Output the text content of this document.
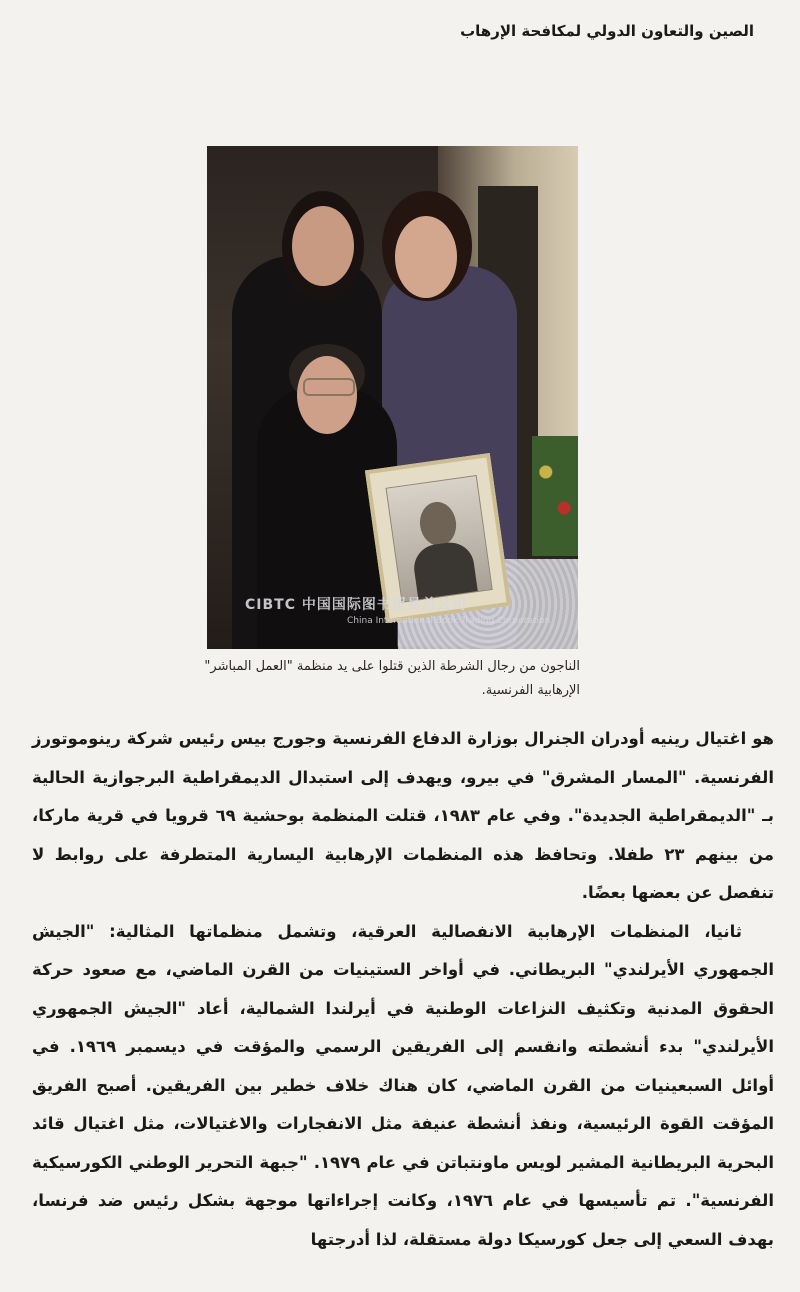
الصين والتعاون الدولي لمكافحة الإرهاب
CIBTC 中国国际图书贸易总公司
China International Book Trading Corporation
الناجون من رجال الشرطة الذين قتلوا على يد منظمة "العمل المباشر" الإرهابية الفرنسية.

هو اغتيال رينيه أودران الجنرال بوزارة الدفاع الفرنسية وجورج بيس رئيس شركة رينوموتورز الفرنسية. "المسار المشرق" في بيرو، ويهدف إلى استبدال الديمقراطية البرجوازية الحالية بـ "الديمقراطية الجديدة". وفي عام ١٩٨٣، قتلت المنظمة بوحشية ٦٩ قرويا في قرية ماركا، من بينهم ٢٣ طفلا. وتحافظ هذه المنظمات الإرهابية اليسارية المتطرفة على روابط لا تنفصل عن بعضها بعضًا.

ثانيا، المنظمات الإرهابية الانفصالية العرقية، وتشمل منظماتها المثالية: "الجيش الجمهوري الأيرلندي" البريطاني. في أواخر الستينيات من القرن الماضي، مع صعود حركة الحقوق المدنية وتكثيف النزاعات الوطنية في أيرلندا الشمالية، أعاد "الجيش الجمهوري الأيرلندي" بدء أنشطته وانقسم إلى الفريقين الرسمي والمؤقت في ديسمبر ١٩٦٩. في أوائل السبعينيات من القرن الماضي، كان هناك خلاف خطير بين الفريقين. أصبح الفريق المؤقت القوة الرئيسية، ونفذ أنشطة عنيفة مثل الانفجارات والاغتيالات، مثل اغتيال قائد البحرية البريطانية المشير لويس ماونتباتن في عام ١٩٧٩. "جبهة التحرير الوطني الكورسيكية الفرنسية". تم تأسيسها في عام ١٩٧٦، وكانت إجراءاتها موجهة بشكل رئيس ضد فرنسا، بهدف السعي إلى جعل كورسيكا دولة مستقلة، لذا أدرجتها
